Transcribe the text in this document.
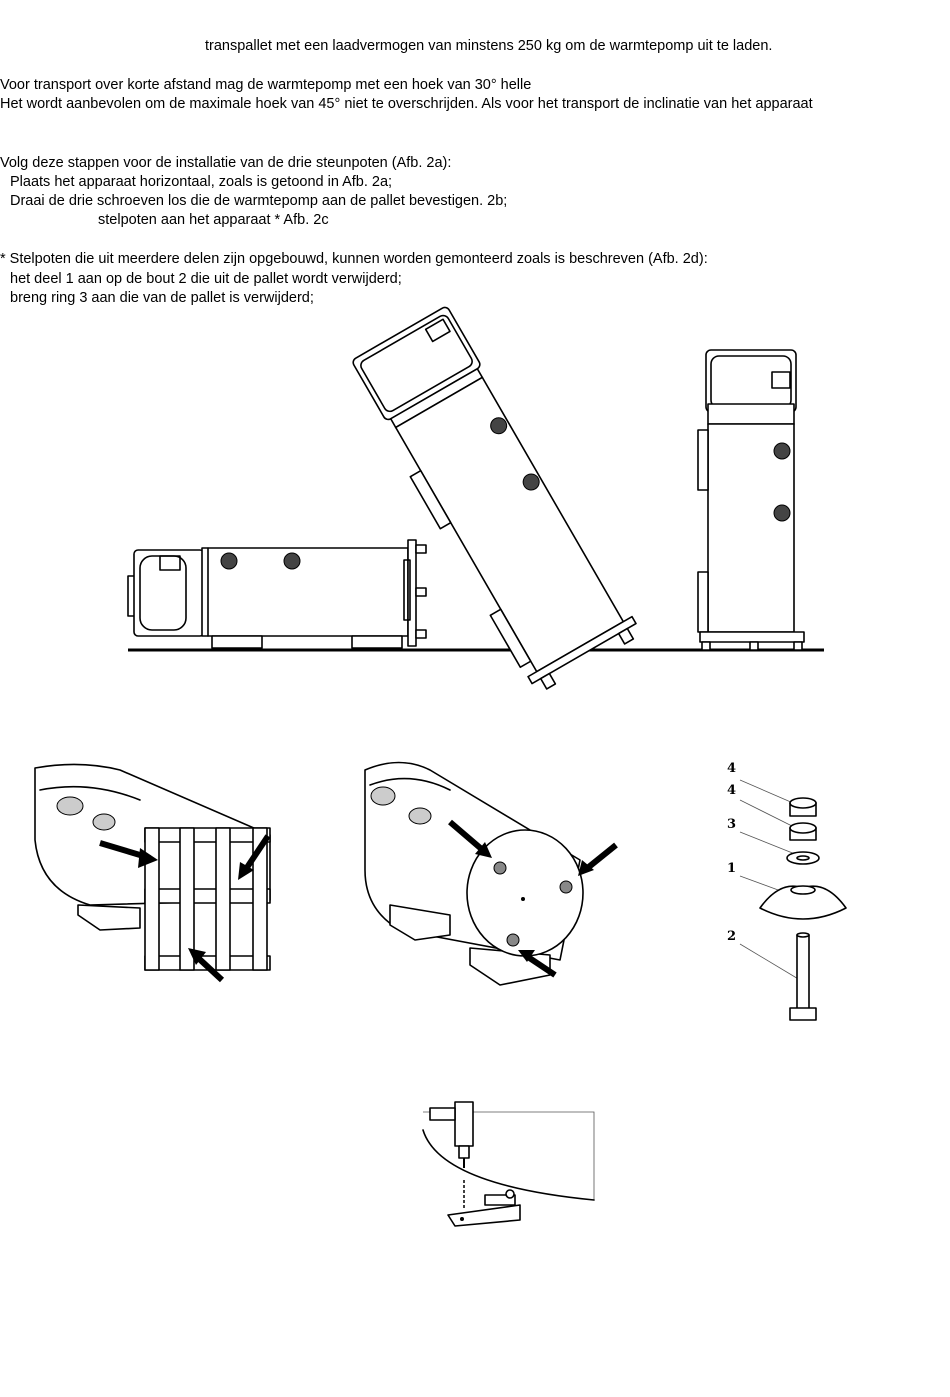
transpallet met een laadvermogen van minstens 250 kg om de warmtepomp uit te laden.
Voor transport over korte afstand mag de warmtepomp met een hoek van 30° helle
Het wordt aanbevolen om de maximale hoek van 45° niet te overschrijden. Als voor het transport de inclinatie van het apparaat
Volg deze stappen voor de installatie van de drie steunpoten (Afb. 2a):
Plaats het apparaat horizontaal, zoals is getoond in Afb. 2a;
Draai de drie schroeven los die de warmtepomp aan de pallet bevestigen. 2b;
stelpoten aan het apparaat * Afb. 2c
* Stelpoten die uit meerdere delen zijn opgebouwd, kunnen worden gemonteerd zoals is beschreven (Afb. 2d):
het deel 1 aan op de bout 2 die uit de pallet wordt verwijderd;
breng ring 3 aan die van de pallet is verwijderd;
4
4
3
1
2
